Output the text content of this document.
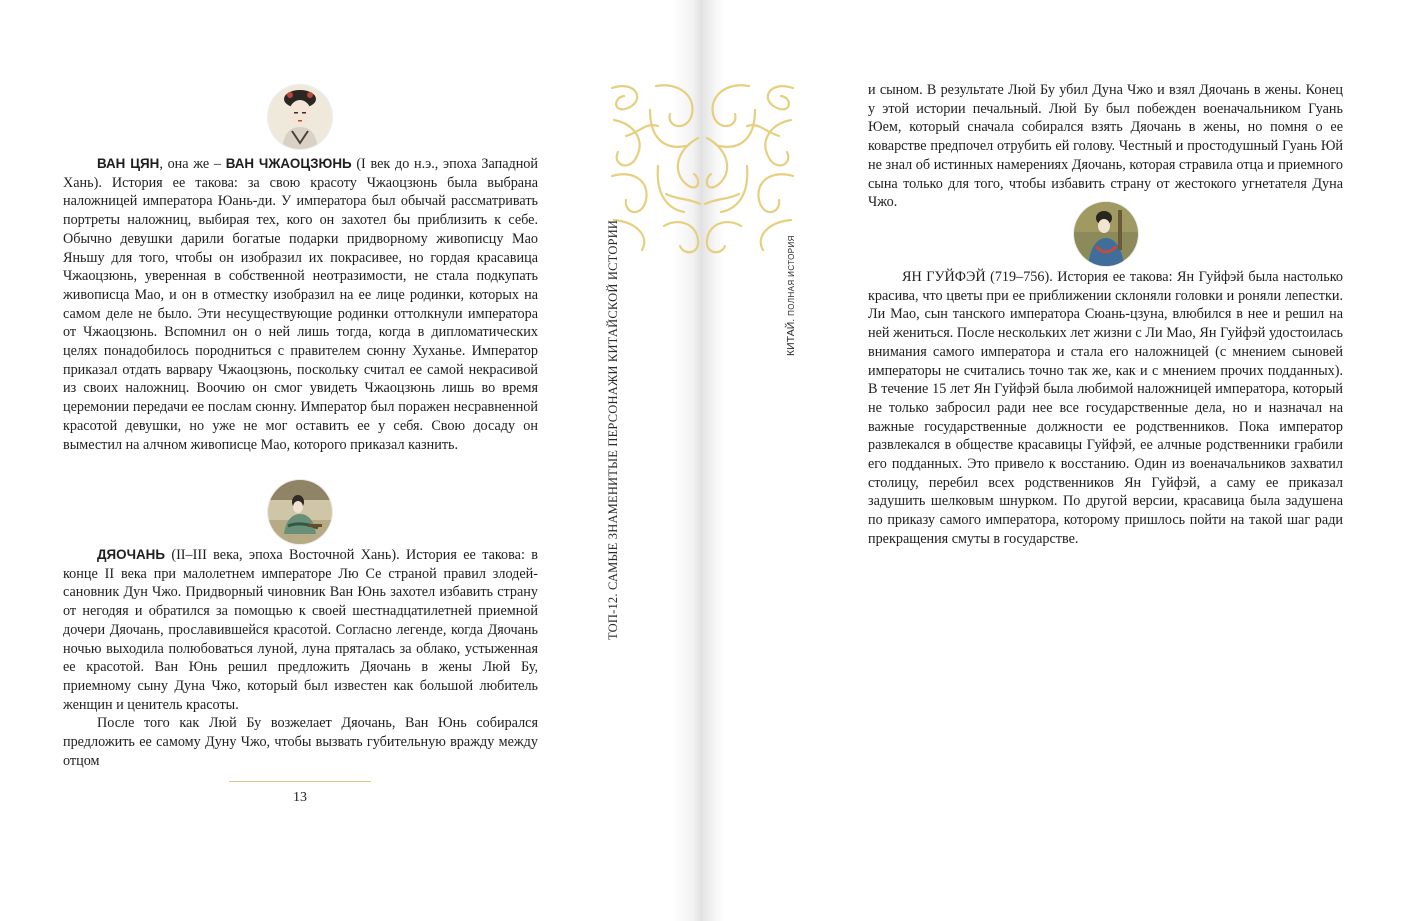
ТОП-12. САМЫЕ ЗНАМЕНИТЫЕ ПЕРСОНАЖИ КИТАЙСКОЙ ИСТОРИИ	КИТАЙ. ПОЛНАЯ ИСТОРИЯ

ВАН ЦЯН, она же – ВАН ЧЖАОЦЗЮНЬ (I век до н.э., эпоха Западной Хань). История ее такова: за свою красоту Чжаоцзюнь была выбрана наложницей императора Юань-ди. У императора был обычай рассматривать портреты наложниц, выбирая тех, кого он захотел бы приблизить к себе. Обычно девушки дарили богатые подарки придворному живописцу Мао Яньшу для того, чтобы он изобразил их покрасивее, но гордая красавица Чжаоцзюнь, уверенная в собственной неотразимости, не стала подкупать живописца Мао, и он в отместку изобразил на ее лице родинки, которых на самом деле не было. Эти несуществующие родинки оттолкнули императора от Чжаоцзюнь. Вспомнил он о ней лишь тогда, когда в дипломатических целях понадобилось породниться с правителем сюнну Хуханье. Император приказал отдать варвару Чжаоцзюнь, поскольку считал ее самой некрасивой из своих наложниц. Воочию он смог увидеть Чжаоцзюнь лишь во время церемонии передачи ее послам сюнну. Император был поражен несравненной красотой девушки, но уже не мог оставить ее у себя. Свою досаду он выместил на алчном живописце Мао, которого приказал казнить.

ДЯОЧАНЬ (II–III века, эпоха Восточной Хань). История ее такова: в конце II века при малолетнем императоре Лю Се страной правил злодей-сановник Дун Чжо. Придворный чиновник Ван Юнь захотел избавить страну от негодяя и обратился за помощью к своей шестнадцатилетней приемной дочери Дяочань, прославившейся красотой. Согласно легенде, когда Дяочань ночью выходила полюбоваться луной, луна пряталась за облако, устыженная ее красотой. Ван Юнь решил предложить Дяочань в жены Люй Бу, приемному сыну Дуна Чжо, который был известен как большой любитель женщин и ценитель красоты.

После того как Люй Бу возжелает Дяочань, Ван Юнь собирался предложить ее самому Дуну Чжо, чтобы вызвать губительную вражду между отцом

13

и сыном. В результате Люй Бу убил Дуна Чжо и взял Дяочань в жены. Конец у этой истории печальный. Люй Бу был побежден военачальником Гуань Юем, который сначала собирался взять Дяочань в жены, но помня о ее коварстве предпочел отрубить ей голову. Честный и простодушный Гуань Юй не знал об истинных намерениях Дяочань, которая стравила отца и приемного сына только для того, чтобы избавить страну от жестокого угнетателя Дуна Чжо.

ЯН ГУЙФЭЙ (719–756). История ее такова: Ян Гуйфэй была настолько красива, что цветы при ее приближении склоняли головки и роняли лепестки. Ли Мао, сын танского императора Сюань-цзуна, влюбился в нее и решил на ней жениться. После нескольких лет жизни с Ли Мао, Ян Гуйфэй удостоилась внимания самого императора и стала его наложницей (с мнением сыновей императоры не считались точно так же, как и с мнением прочих подданных). В течение 15 лет Ян Гуйфэй была любимой наложницей императора, который не только забросил ради нее все государственные дела, но и назначал на важные государственные должности ее родственников. Пока император развлекался в обществе красавицы Гуйфэй, ее алчные родственники грабили его подданных. Это привело к восстанию. Один из военачальников захватил столицу, перебил всех родственников Ян Гуйфэй, а саму ее приказал задушить шелковым шнурком. По другой версии, красавица была задушена по приказу самого императора, которому пришлось пойти на такой шаг ради прекращения смуты в государстве.
